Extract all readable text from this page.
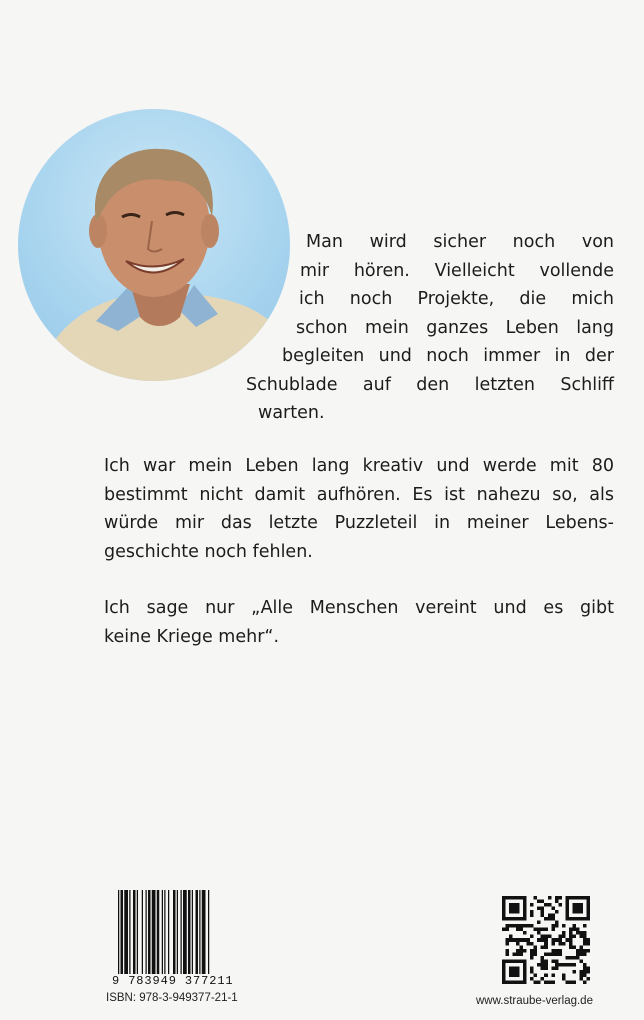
Man wird sicher noch von
mir hören. Vielleicht vollende
ich noch Projekte, die mich
schon mein ganzes Leben lang
begleiten und noch immer in der
Schublade auf den letzten Schliff
warten.

Ich war mein Leben lang kreativ und werde mit 80
bestimmt nicht damit aufhören. Es ist nahezu so, als
würde mir das letzte Puzzleteil in meiner Lebens-
geschichte noch fehlen.

Ich sage nur „Alle Menschen vereint und es gibt
keine Kriege mehr“.

9 783949 377211
ISBN: 978-3-949377-21-1	www.straube-verlag.de
